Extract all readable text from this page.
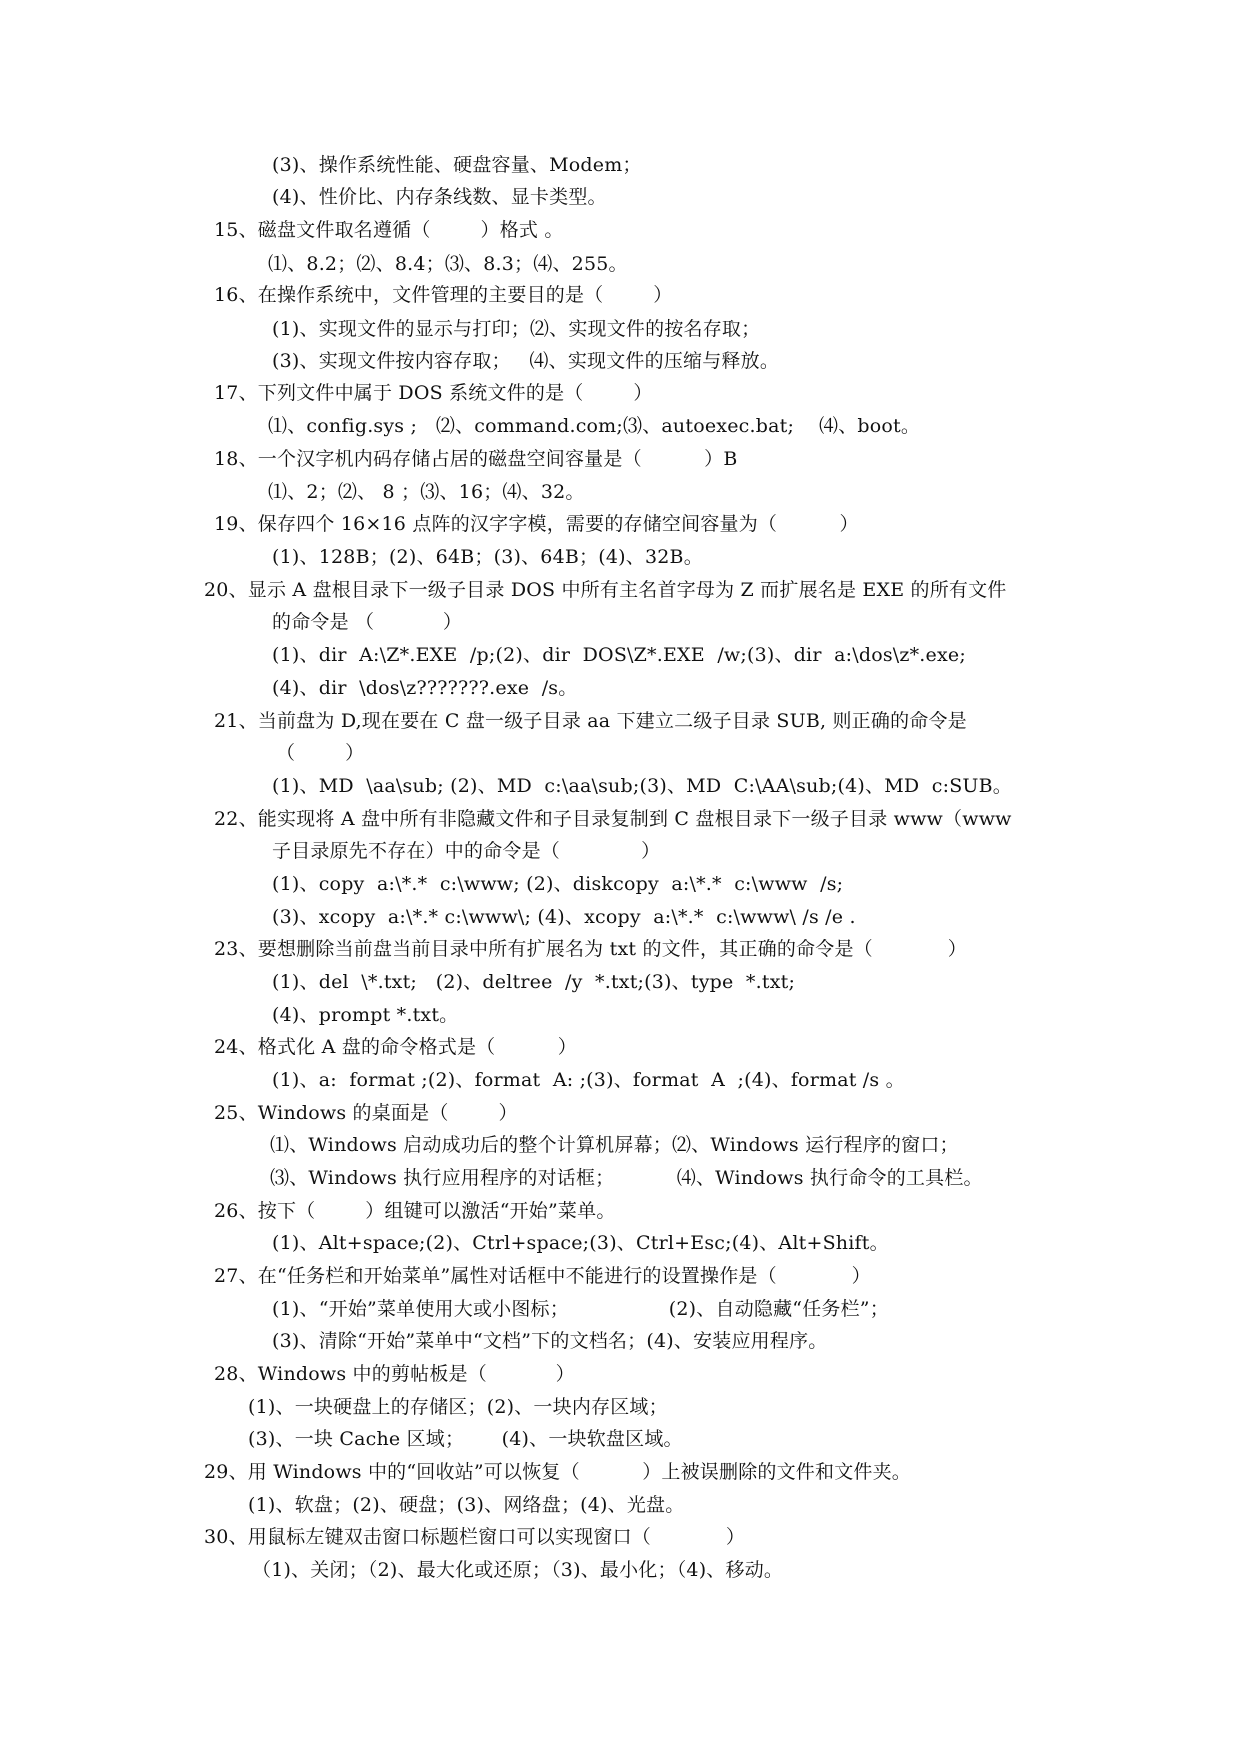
(3)、操作系统性能、硬盘容量、Modem；
(4)、性价比、内存条线数、显卡类型。
15、磁盘文件取名遵循（        ）格式 。
⑴、8.2；⑵、8.4；⑶、8.3；⑷、255。
16、在操作系统中，文件管理的主要目的是（        ）
(1)、实现文件的显示与打印；⑵、实现文件的按名存取；
(3)、实现文件按内容存取；   ⑷、实现文件的压缩与释放。
17、下列文件中属于 DOS 系统文件的是（        ）
⑴、config.sys ;   ⑵、command.com;⑶、autoexec.bat;    ⑷、boot。
18、一个汉字机内码存储占居的磁盘空间容量是（          ）B
⑴、2；⑵、 8 ；⑶、16；⑷、32。
19、保存四个 16×16 点阵的汉字字模，需要的存储空间容量为（          ）
(1)、128B；(2)、64B；(3)、64B；(4)、32B。
20、显示 A 盘根目录下一级子目录 DOS 中所有主名首字母为 Z 而扩展名是 EXE 的所有文件
的命令是 （           ）
(1)、dir  A:\Z*.EXE  /p;(2)、dir  DOS\Z*.EXE  /w;(3)、dir  a:\dos\z*.exe;
(4)、dir  \dos\z???????.exe  /s。
21、当前盘为 D,现在要在 C 盘一级子目录 aa 下建立二级子目录 SUB, 则正确的命令是
（        ）
(1)、MD  \aa\sub; (2)、MD  c:\aa\sub;(3)、MD  C:\AA\sub;(4)、MD  c:SUB。
22、能实现将 A 盘中所有非隐藏文件和子目录复制到 C 盘根目录下一级子目录 www（www
子目录原先不存在）中的命令是（             ）
(1)、copy  a:\*.*  c:\www; (2)、diskcopy  a:\*.*  c:\www  /s;
(3)、xcopy  a:\*.* c:\www\; (4)、xcopy  a:\*.*  c:\www\ /s /e .
23、要想删除当前盘当前目录中所有扩展名为 txt 的文件，其正确的命令是（            ）
(1)、del  \*.txt;   (2)、deltree  /y  *.txt;(3)、type  *.txt;
(4)、prompt *.txt。
24、格式化 A 盘的命令格式是（          ）
(1)、a:  format ;(2)、format  A: ;(3)、format  A  ;(4)、format /s 。
25、Windows 的桌面是（        ）
⑴、Windows 启动成功后的整个计算机屏幕；⑵、Windows 运行程序的窗口；
⑶、Windows 执行应用程序的对话框；          ⑷、Windows 执行命令的工具栏。
26、按下（        ）组键可以激活“开始”菜单。
(1)、Alt+space;(2)、Ctrl+space;(3)、Ctrl+Esc;(4)、Alt+Shift。
27、在“任务栏和开始菜单”属性对话框中不能进行的设置操作是（            ）
(1)、“开始”菜单使用大或小图标；                (2)、自动隐藏“任务栏”；
(3)、清除“开始”菜单中“文档”下的文档名；(4)、安装应用程序。
28、Windows 中的剪帖板是（           ）
(1)、一块硬盘上的存储区；(2)、一块内存区域；
(3)、一块 Cache 区域；      (4)、一块软盘区域。
29、用 Windows 中的“回收站”可以恢复（          ）上被误删除的文件和文件夹。
(1)、软盘；(2)、硬盘；(3)、网络盘；(4)、光盘。
30、用鼠标左键双击窗口标题栏窗口可以实现窗口（            ）
（1)、关闭；（2)、最大化或还原；（3)、最小化；（4)、移动。
